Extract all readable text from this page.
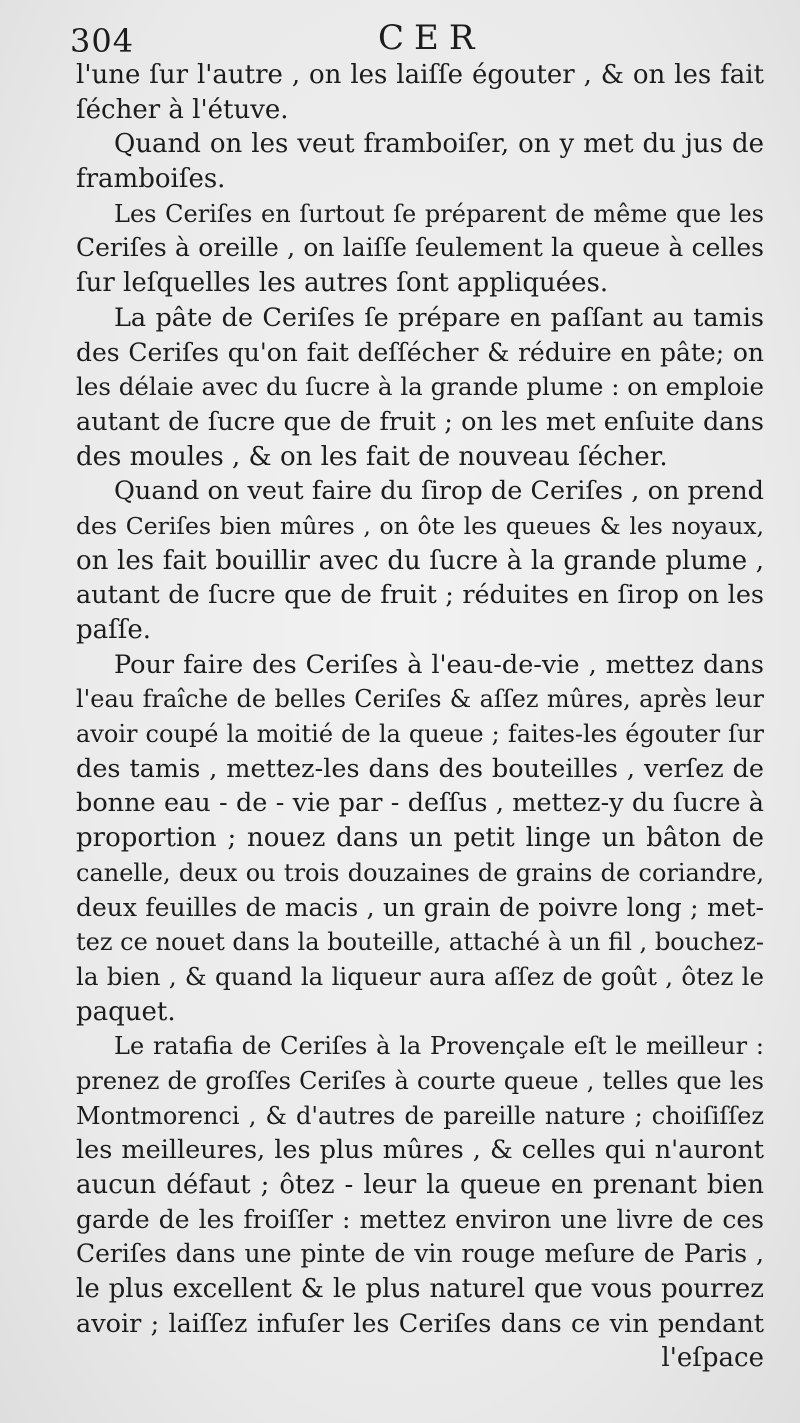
304	CER
l'une ſur l'autre , on les laiſſe égouter , & on les fait
ſécher à l'étuve.
Quand on les veut framboiſer, on y met du jus de
framboiſes.
Les Ceriſes en ſurtout ſe préparent de même que les
Ceriſes à oreille , on laiſſe ſeulement la queue à celles
ſur leſquelles les autres ſont appliquées.
La pâte de Ceriſes ſe prépare en paſſant au tamis
des Ceriſes qu'on fait deſſécher & réduire en pâte; on
les délaie avec du ſucre à la grande plume : on emploie
autant de ſucre que de fruit ; on les met enſuite dans
des moules , & on les fait de nouveau ſécher.
Quand on veut faire du ſirop de Ceriſes , on prend
des Ceriſes bien mûres , on ôte les queues & les noyaux,
on les fait bouillir avec du ſucre à la grande plume ,
autant de ſucre que de fruit ; réduites en ſirop on les
paſſe.
Pour faire des Ceriſes à l'eau-de-vie , mettez dans
l'eau fraîche de belles Ceriſes & aſſez mûres, après leur
avoir coupé la moitié de la queue ; faites-les égouter ſur
des tamis , mettez-les dans des bouteilles , verſez de
bonne eau - de - vie par - deſſus , mettez-y du ſucre à
proportion ; nouez dans un petit linge un bâton de
canelle, deux ou trois douzaines de grains de coriandre,
deux feuilles de macis , un grain de poivre long ; met-
tez ce nouet dans la bouteille, attaché à un fil , bouchez-
la bien , & quand la liqueur aura aſſez de goût , ôtez le
paquet.
Le ratafia de Ceriſes à la Provençale eſt le meilleur :
prenez de groſſes Ceriſes à courte queue , telles que les
Montmorenci , & d'autres de pareille nature ; choiſiſſez
les meilleures, les plus mûres , & celles qui n'auront
aucun défaut ; ôtez - leur la queue en prenant bien
garde de les froiſſer : mettez environ une livre de ces
Ceriſes dans une pinte de vin rouge meſure de Paris ,
le plus excellent & le plus naturel que vous pourrez
avoir ; laiſſez infuſer les Ceriſes dans ce vin pendant
l'eſpace
